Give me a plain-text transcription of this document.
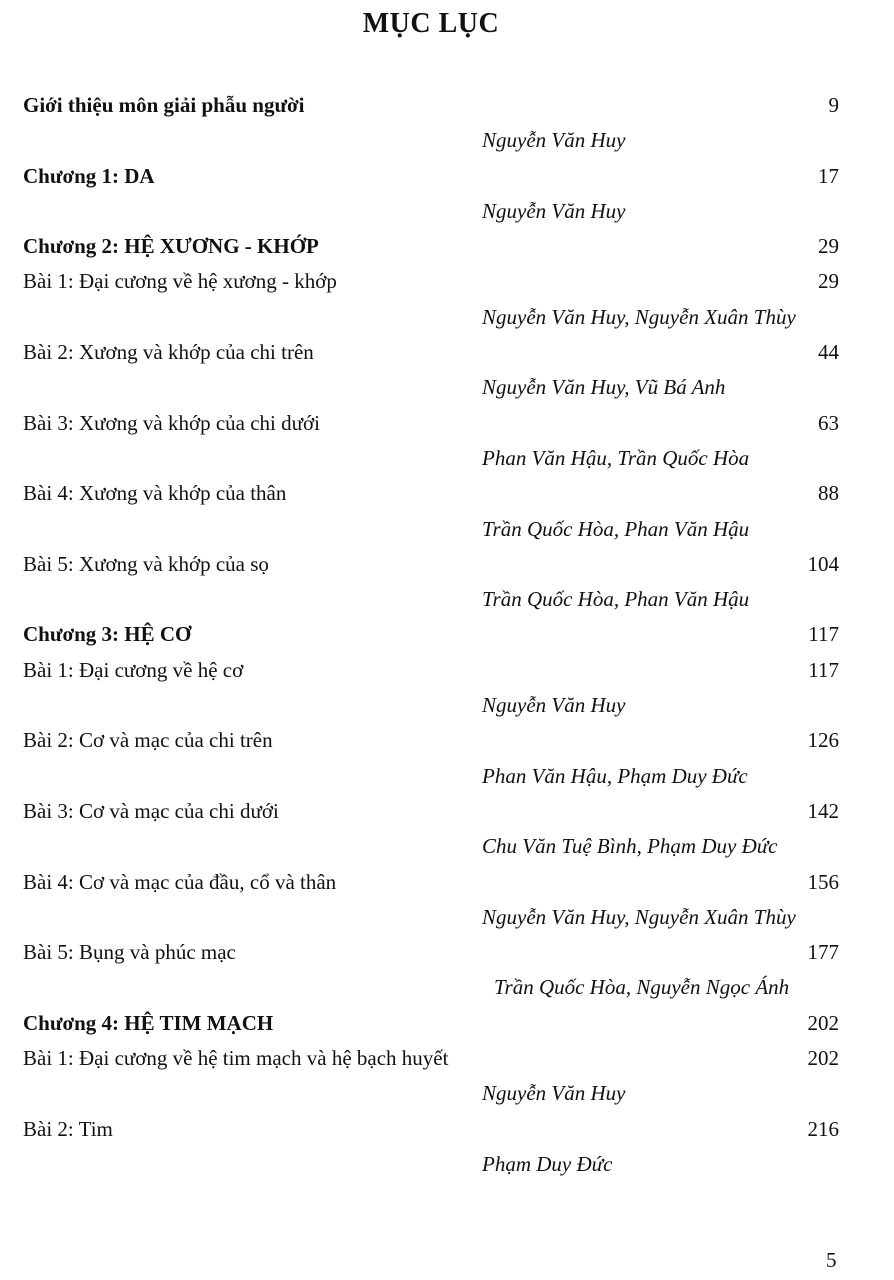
MỤC LỤC
Giới thiệu môn giải phẫu người	9
Nguyễn Văn Huy
Chương 1: DA	17
Nguyễn Văn Huy
Chương 2: HỆ XƯƠNG - KHỚP	29
Bài 1: Đại cương về hệ xương - khớp	29
Nguyễn Văn Huy, Nguyễn Xuân Thùy
Bài 2: Xương và khớp của chi trên	44
Nguyễn Văn Huy, Vũ Bá Anh
Bài 3: Xương và khớp của chi dưới	63
Phan Văn Hậu, Trần Quốc Hòa
Bài 4: Xương và khớp của thân	88
Trần Quốc Hòa, Phan Văn Hậu
Bài 5: Xương và khớp của sọ	104
Trần Quốc Hòa, Phan Văn Hậu
Chương 3: HỆ CƠ	117
Bài 1: Đại cương về hệ cơ	117
Nguyễn Văn Huy
Bài 2: Cơ và mạc của chi trên	126
Phan Văn Hậu, Phạm Duy Đức
Bài 3: Cơ và mạc của chi dưới	142
Chu Văn Tuệ Bình, Phạm Duy Đức
Bài 4: Cơ và mạc của đầu, cổ và thân	156
Nguyễn Văn Huy, Nguyễn Xuân Thùy
Bài 5: Bụng và phúc mạc	177
Trần Quốc Hòa, Nguyễn Ngọc Ánh
Chương 4: HỆ TIM MẠCH	202
Bài 1: Đại cương về hệ tim mạch và hệ bạch huyết	202
Nguyễn Văn Huy
Bài 2: Tim	216
Phạm Duy Đức
5
